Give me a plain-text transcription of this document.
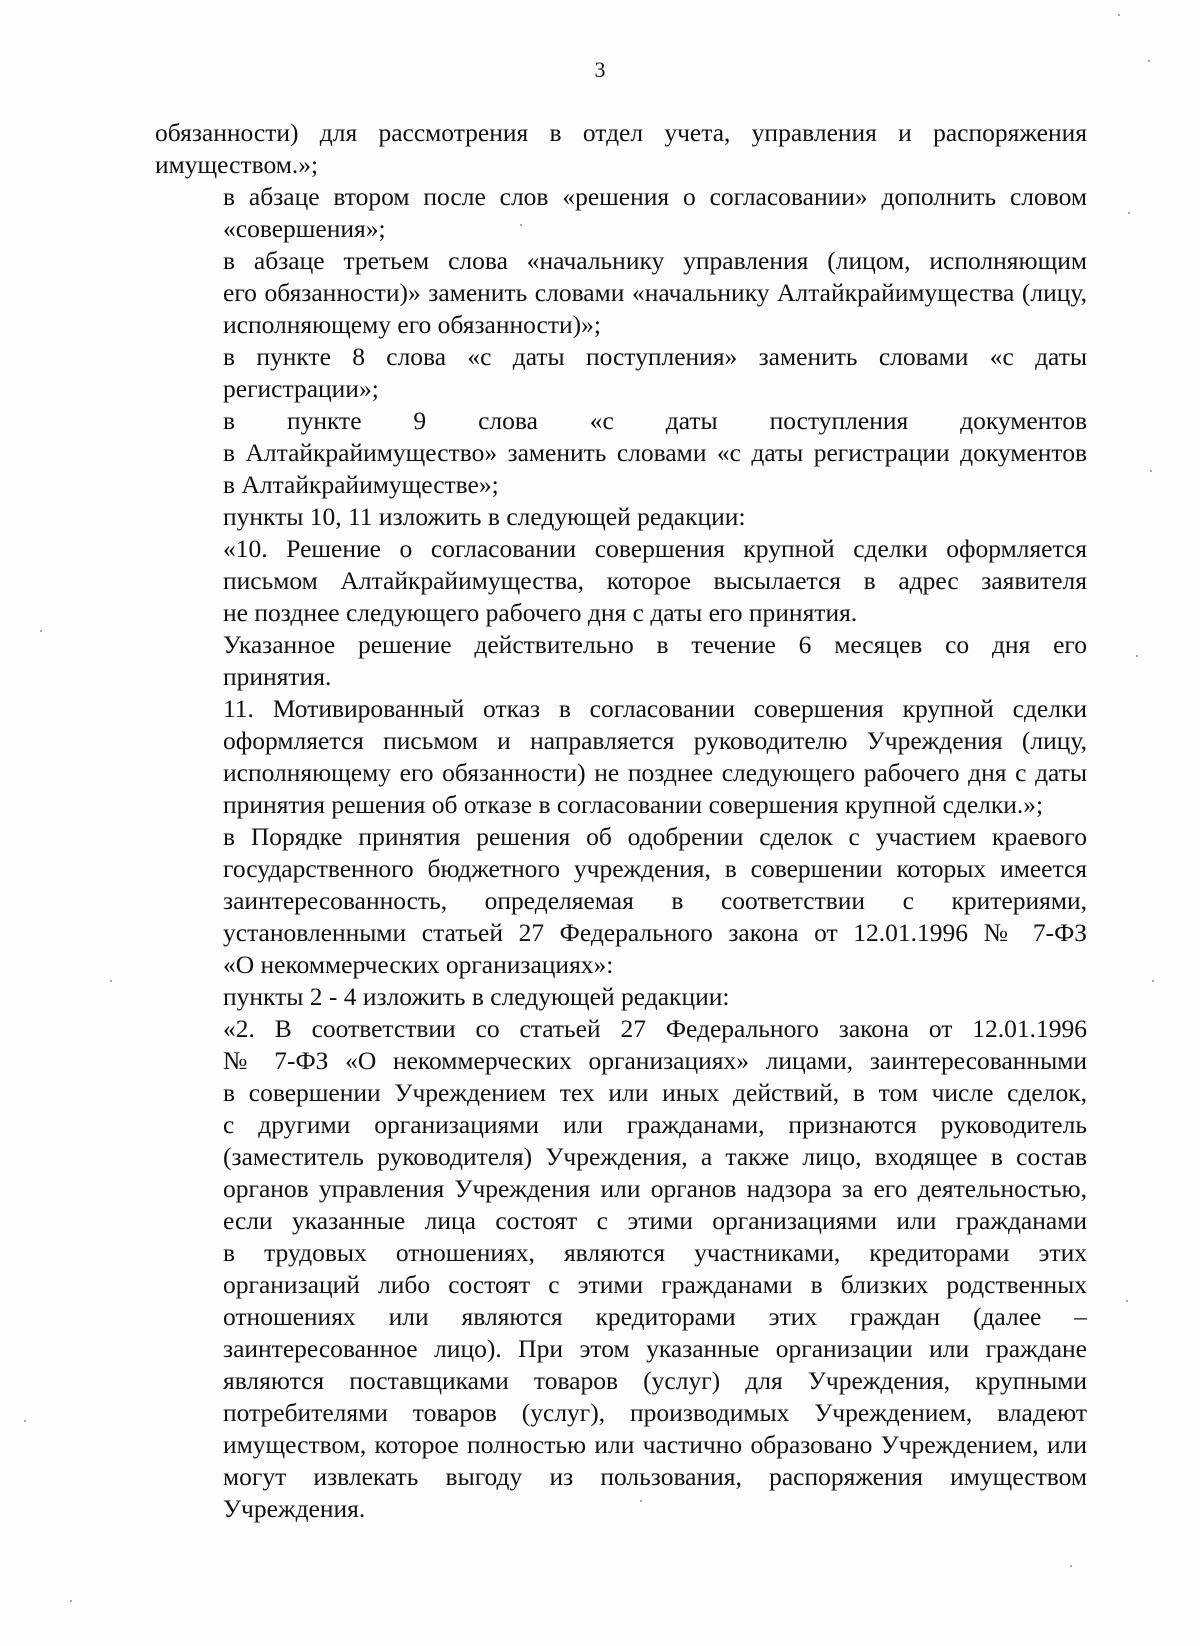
3

обязанности) для рассмотрения в отдел учета, управления и распоряжения
имуществом.»;

в абзаце втором после слов «решения о согласовании» дополнить словом
«совершения»;

в абзаце третьем слова «начальнику управления (лицом, исполняющим
его обязанности)» заменить словами «начальнику Алтайкрайимущества (лицу,
исполняющему его обязанности)»;

в пункте 8 слова «с даты поступления» заменить словами «с даты
регистрации»;

в пункте 9 слова «с даты поступления документов
в Алтайкрайимущество» заменить словами «с даты регистрации документов
в Алтайкрайимуществе»;

пункты 10, 11 изложить в следующей редакции:

«10. Решение о согласовании совершения крупной сделки оформляется
письмом Алтайкрайимущества, которое высылается в адрес заявителя
не позднее следующего рабочего дня с даты его принятия.

Указанное решение действительно в течение 6 месяцев со дня его
принятия.

11. Мотивированный отказ в согласовании совершения крупной сделки
оформляется письмом и направляется руководителю Учреждения (лицу,
исполняющему его обязанности) не позднее следующего рабочего дня с даты
принятия решения об отказе в согласовании совершения крупной сделки.»;

в Порядке принятия решения об одобрении сделок с участием краевого
государственного бюджетного учреждения, в совершении которых имеется
заинтересованность, определяемая в соответствии с критериями,
установленными статьей 27 Федерального закона от 12.01.1996 № 7-ФЗ
«О некоммерческих организациях»:

пункты 2 - 4 изложить в следующей редакции:

«2. В соответствии со статьей 27 Федерального закона от 12.01.1996
№ 7-ФЗ «О некоммерческих организациях» лицами, заинтересованными
в совершении Учреждением тех или иных действий, в том числе сделок,
с другими организациями или гражданами, признаются руководитель
(заместитель руководителя) Учреждения, а также лицо, входящее в состав
органов управления Учреждения или органов надзора за его деятельностью,
если указанные лица состоят с этими организациями или гражданами
в трудовых отношениях, являются участниками, кредиторами этих
организаций либо состоят с этими гражданами в близких родственных
отношениях или являются кредиторами этих граждан (далее –
заинтересованное лицо). При этом указанные организации или граждане
являются поставщиками товаров (услуг) для Учреждения, крупными
потребителями товаров (услуг), производимых Учреждением, владеют
имуществом, которое полностью или частично образовано Учреждением, или
могут извлекать выгоду из пользования, распоряжения имуществом
Учреждения.
